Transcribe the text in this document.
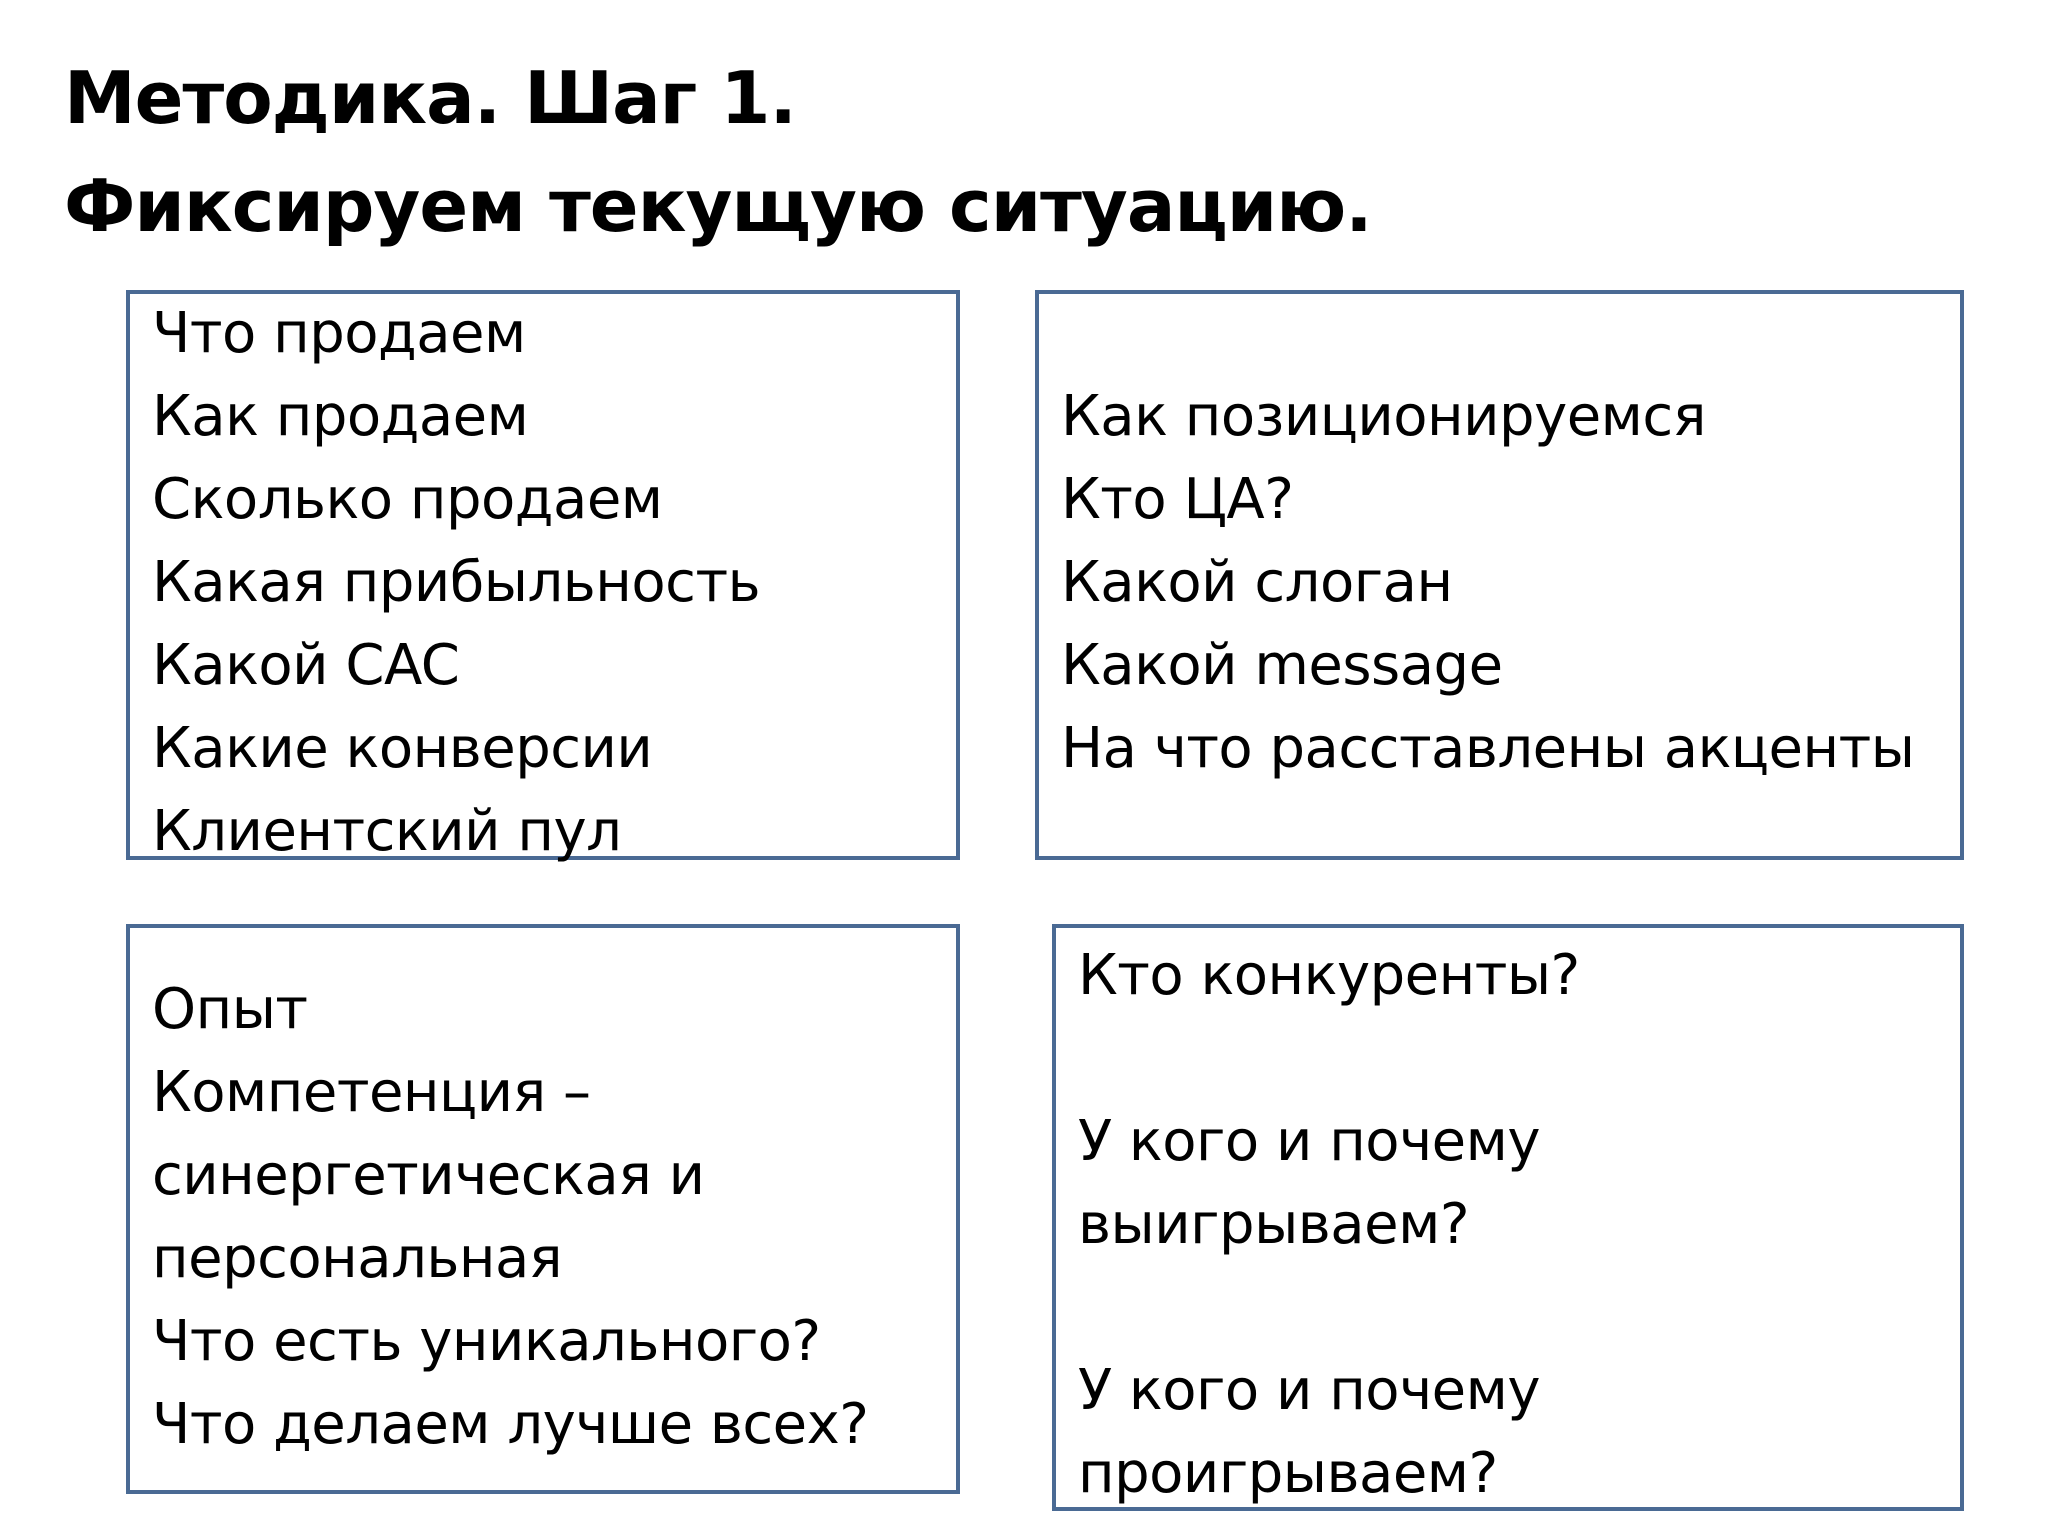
Методика. Шаг 1.
Фиксируем текущую ситуацию.
Что продаем
Как продаем
Сколько продаем
Какая прибыльность
Какой CAC
Какие конверсии
Клиентский пул
Как позиционируемся
Кто ЦА?
Какой слоган
Какой message
На что расставлены акценты
Опыт
Компетенция –
синергетическая и
персональная
Что есть уникального?
Что делаем лучше всех?
Кто конкуренты?
У кого и почему
выигрываем?
У кого и почему
проигрываем?
